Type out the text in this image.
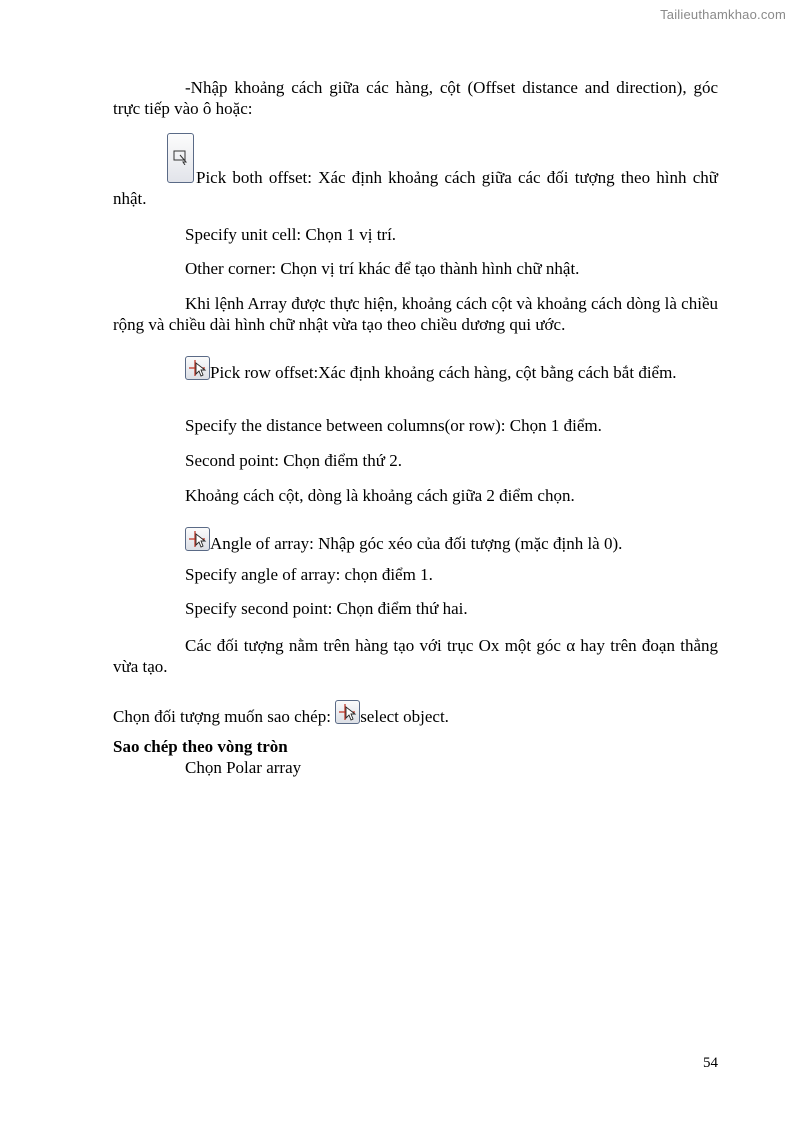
Tailieuthamkhao.com

-Nhập khoảng cách giữa các hàng, cột (Offset distance and direction), góc trực tiếp vào ô hoặc:

Pick both offset: Xác định khoảng cách giữa các đối tượng theo hình chữ nhật.

Specify unit cell: Chọn 1 vị trí.

Other corner: Chọn vị trí khác để tạo thành hình chữ nhật.

Khi lệnh Array được thực hiện, khoảng cách cột và khoảng cách dòng là chiều rộng và chiều dài hình chữ nhật vừa tạo theo chiều dương qui ước.

Pick row offset:Xác định khoảng cách hàng, cột bằng cách bắt điểm.

Specify the distance between columns(or row): Chọn 1 điểm.

Second point: Chọn điểm thứ 2.

Khoảng cách cột, dòng là khoảng cách giữa 2 điểm chọn.

Angle of array: Nhập góc xéo của đối tượng (mặc định là 0).

Specify angle of array: chọn điểm 1.

Specify second point: Chọn điểm thứ hai.

Các đối tượng nằm trên hàng tạo với trục Ox một góc α hay trên đoạn thẳng vừa tạo.

Chọn đối tượng muốn sao chép:
select object.

Sao chép theo vòng tròn

Chọn Polar array

54
